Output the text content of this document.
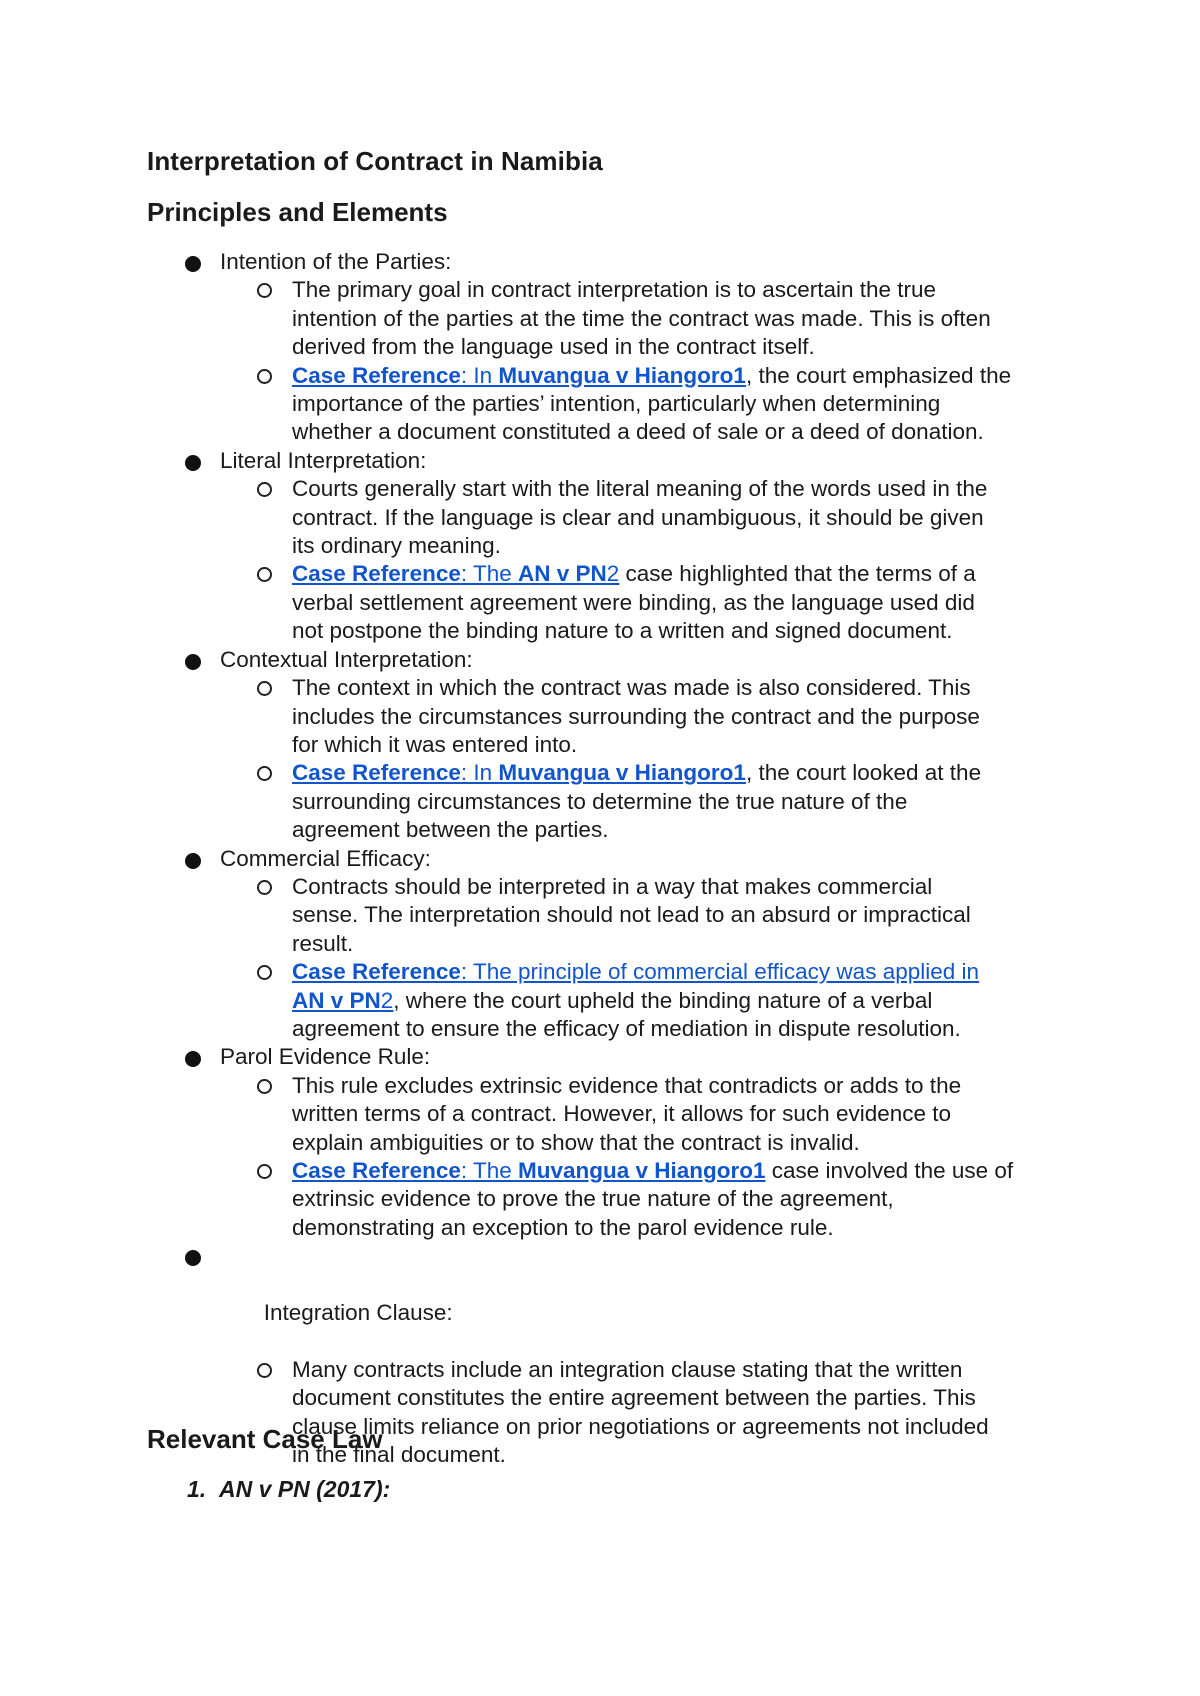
Interpretation of Contract in Namibia
Principles and Elements
Intention of the Parties:
The primary goal in contract interpretation is to ascertain the true
intention of the parties at the time the contract was made. This is often
derived from the language used in the contract itself.
Case Reference: In Muvangua v Hiangoro1, the court emphasized the
importance of the parties’ intention, particularly when determining
whether a document constituted a deed of sale or a deed of donation.
Literal Interpretation:
Courts generally start with the literal meaning of the words used in the
contract. If the language is clear and unambiguous, it should be given
its ordinary meaning.
Case Reference: The AN v PN2 case highlighted that the terms of a
verbal settlement agreement were binding, as the language used did
not postpone the binding nature to a written and signed document.
Contextual Interpretation:
The context in which the contract was made is also considered. This
includes the circumstances surrounding the contract and the purpose
for which it was entered into.
Case Reference: In Muvangua v Hiangoro1, the court looked at the
surrounding circumstances to determine the true nature of the
agreement between the parties.
Commercial Efficacy:
Contracts should be interpreted in a way that makes commercial
sense. The interpretation should not lead to an absurd or impractical
result.
Case Reference: The principle of commercial efficacy was applied in
AN v PN2, where the court upheld the binding nature of a verbal
agreement to ensure the efficacy of mediation in dispute resolution.
Parol Evidence Rule:
This rule excludes extrinsic evidence that contradicts or adds to the
written terms of a contract. However, it allows for such evidence to
explain ambiguities or to show that the contract is invalid.
Case Reference: The Muvangua v Hiangoro1 case involved the use of
extrinsic evidence to prove the true nature of the agreement,
demonstrating an exception to the parol evidence rule.

Integration Clause:

Many contracts include an integration clause stating that the written
document constitutes the entire agreement between the parties. This
clause limits reliance on prior negotiations or agreements not included
in the final document.
Relevant Case Law
1. AN v PN (2017):
